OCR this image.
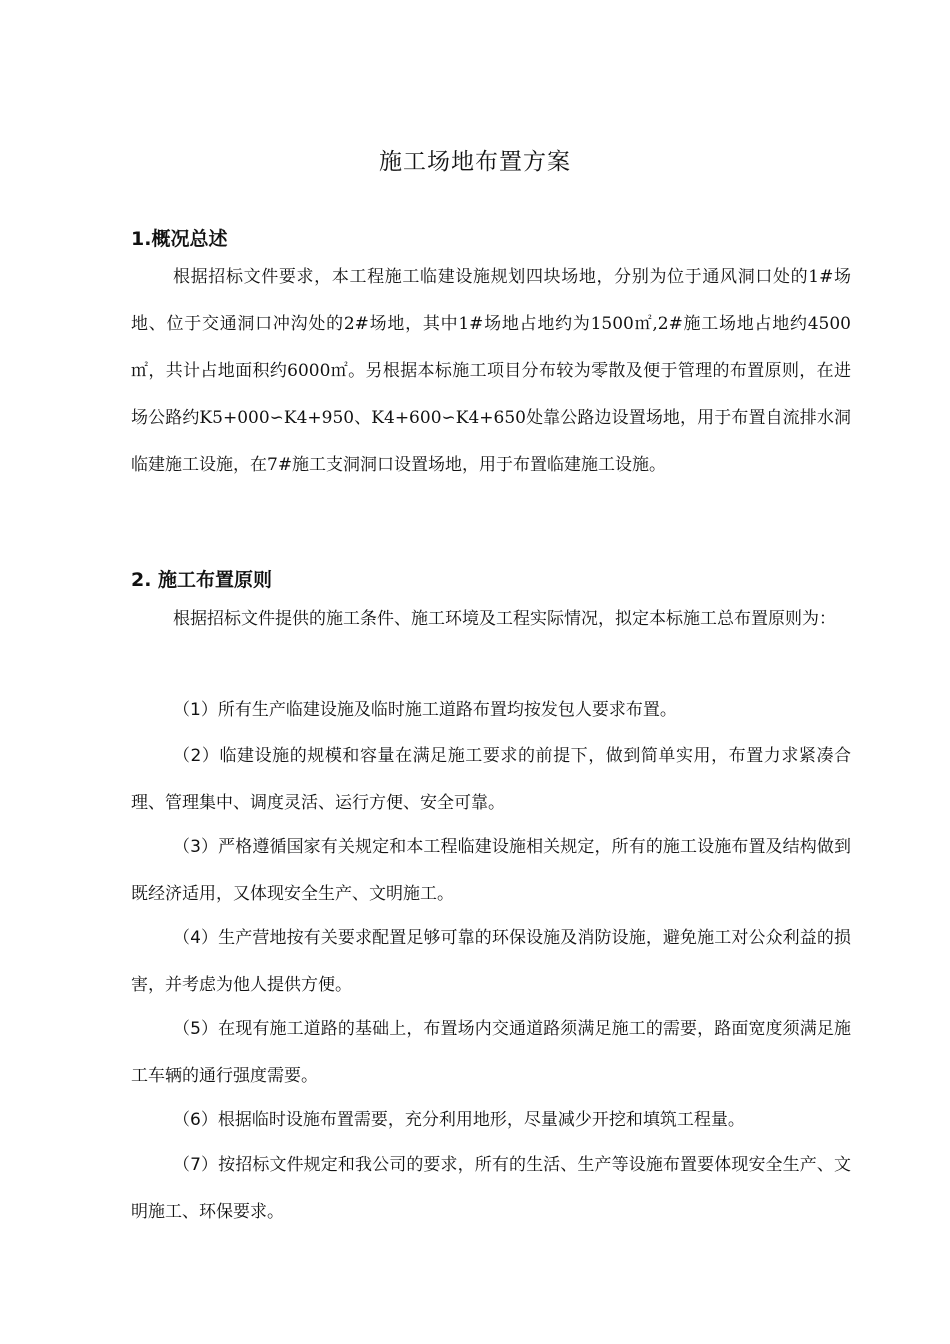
施工场地布置方案
1.概况总述

根据招标文件要求，本工程施工临建设施规划四块场地，分别为位于通风洞口处的1#场地、位于交通洞口冲沟处的2#场地，其中1#场地占地约为1500㎡,2#施工场地占地约4500㎡，共计占地面积约6000㎡。另根据本标施工项目分布较为零散及便于管理的布置原则，在进场公路约K5+000∽K4+950、K4+600∽K4+650处靠公路边设置场地，用于布置自流排水洞临建施工设施，在7#施工支洞洞口设置场地，用于布置临建施工设施。

2. 施工布置原则

根据招标文件提供的施工条件、施工环境及工程实际情况，拟定本标施工总布置原则为：

（1）所有生产临建设施及临时施工道路布置均按发包人要求布置。

（2）临建设施的规模和容量在满足施工要求的前提下，做到简单实用，布置力求紧凑合理、管理集中、调度灵活、运行方便、安全可靠。

（3）严格遵循国家有关规定和本工程临建设施相关规定，所有的施工设施布置及结构做到既经济适用，又体现安全生产、文明施工。

（4）生产营地按有关要求配置足够可靠的环保设施及消防设施，避免施工对公众利益的损害，并考虑为他人提供方便。

（5）在现有施工道路的基础上，布置场内交通道路须满足施工的需要，路面宽度须满足施工车辆的通行强度需要。

（6）根据临时设施布置需要，充分利用地形，尽量减少开挖和填筑工程量。

（7）按招标文件规定和我公司的要求，所有的生活、生产等设施布置要体现安全生产、文明施工、环保要求。
